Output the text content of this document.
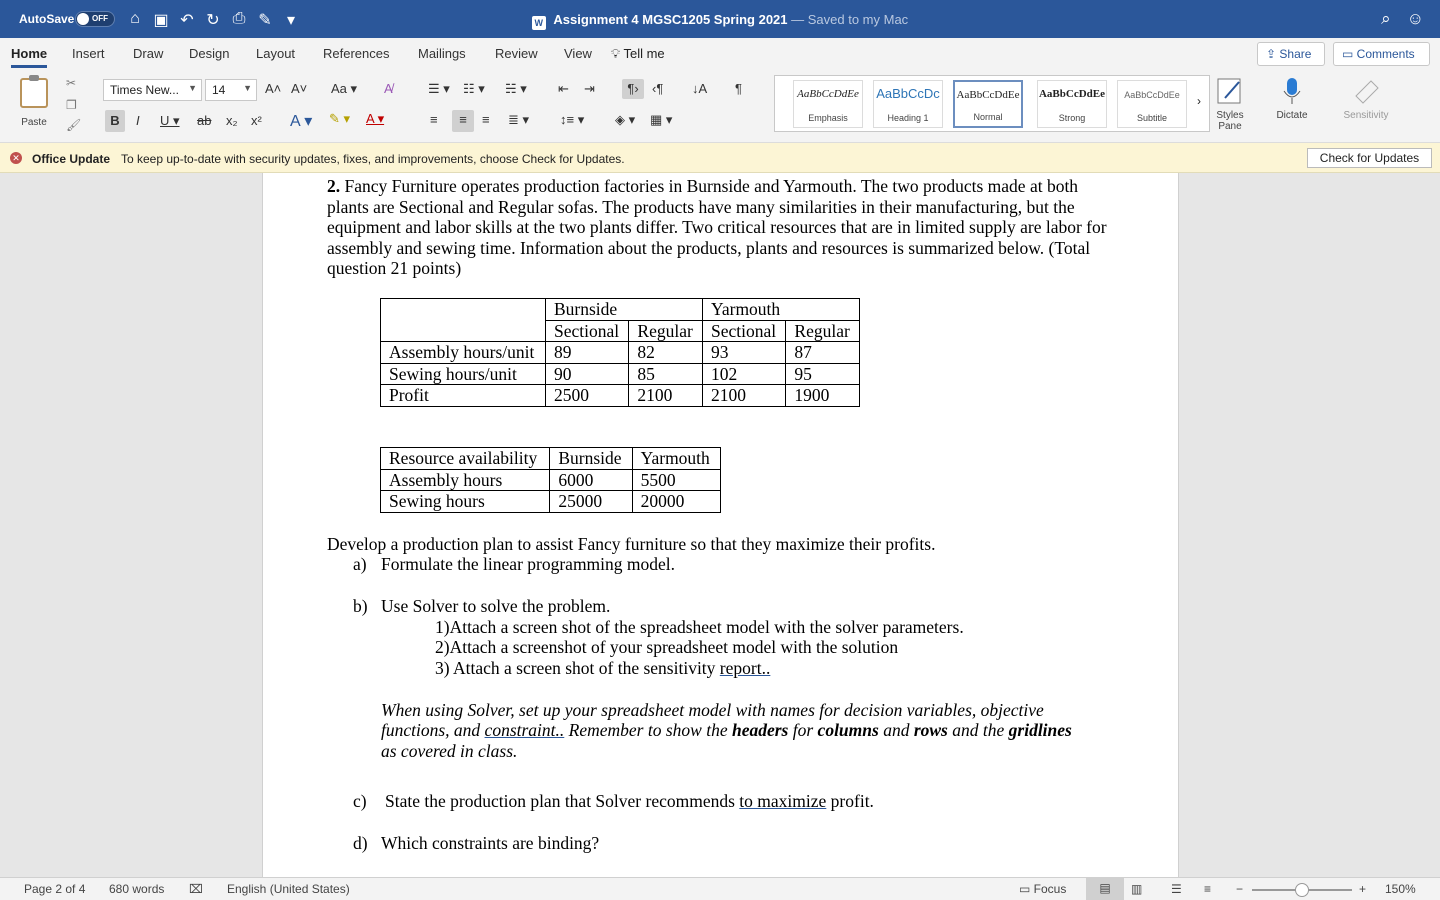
AutoSave OFF ⌂ ▣ ↶ ↻ ⎙ ✎ ▾	W Assignment 4 MGSC1205 Spring 2021 — Saved to my Mac	⌕ ☺
Home Insert Draw Design Layout References Mailings Review View 💡︎ Tell me	⇪ Share	▭ Comments
Paste
✂
❐
🖌︎
Times New... ▼	14 ▼ A˄ A˅ Aa ▾ A̸
B	I U ▾ ab x₂ x² A ▾ ✎ ▾ A ▾
☰ ▾ ☷ ▾ ☵ ▾ ⇤ ⇥	¶›	‹¶ ↓A ¶
≡	≡	≡ ≣ ▾ ↕≡ ▾ ◈ ▾ ▦ ▾
AaBbCcDdEe
Emphasis
AaBbCcDc
Heading 1
AaBbCcDdEe
Normal
AaBbCcDdEe
Strong
AaBbCcDdEe
Subtitle
›
Styles Pane
Dictate	Sensitivity
✕ Office Update To keep up-to-date with security updates, fixes, and improvements, choose Check for Updates.	Check for Updates
2. Fancy Furniture operates production factories in Burnside and Yarmouth. The two products made at both plants are Sectional and Regular sofas. The products have many similarities in their manufacturing, but the equipment and labor skills at the two plants differ. Two critical resources that are in limited supply are labor for assembly and sewing time. Information about the products, plants and resources is summarized below. (Total question 21 points)
	Burnside		Yarmouth	
	Sectional	Regular	Sectional	Regular
Assembly hours/unit	89	82	93	87
Sewing hours/unit	90	85	102	95
Profit	2500	2100	2100	1900
Resource availability	Burnside	Yarmouth
Assembly hours	6000	5500
Sewing hours	25000	20000
Develop a production plan to assist Fancy furniture so that they maximize their profits.
a) Formulate the linear programming model.
b) Use Solver to solve the problem.
1)Attach a screen shot of the spreadsheet model with the solver parameters.
2)Attach a screenshot of your spreadsheet model with the solution
3) Attach a screen shot of the sensitivity report..
When using Solver, set up your spreadsheet model with names for decision variables, objective
functions, and constraint.. Remember to show the headers for columns and rows and the gridlines
as covered in class.
c) State the production plan that Solver recommends to maximize profit.
d) Which constraints are binding?
Page 2 of 4 680 words ⌧ English (United States)	▭ Focus	▤	▥ ☰ ≡ −	+ 150%
